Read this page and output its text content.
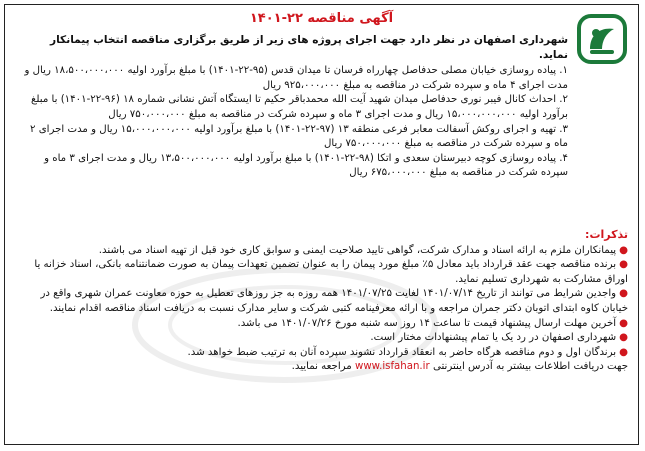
آگهی مناقصه ۲۲-۱۴۰۱

شهرداری اصفهان در نظر دارد جهت اجرای پروژه های زیر از طریق برگزاری مناقصه انتخاب پیمانکار نماید.

۱. پیاده روسازی خیابان مصلی حدفاصل چهارراه فرسان تا میدان قدس (۹۵-۲۲-۱۴۰۱) با مبلغ برآورد اولیه ۱۸،۵۰۰،۰۰۰،۰۰۰ ریال و مدت اجرای ۴ ماه و سپرده شرکت در مناقصه به مبلغ ۹۲۵،۰۰۰،۰۰۰ ریال

۲. احداث کانال فیبر نوری حدفاصل میدان شهید آیت الله محمدباقر حکیم تا ایستگاه آتش نشانی شماره ۱۸ (۹۶-۲۲-۱۴۰۱) با مبلغ برآورد اولیه ۱۵،۰۰۰،۰۰۰،۰۰۰ ریال و مدت اجرای ۳ ماه و سپرده شرکت در مناقصه به مبلغ ۷۵۰،۰۰۰،۰۰۰ ریال

۳. تهیه و اجرای روکش آسفالت معابر فرعی منطقه ۱۳ (۹۷-۲۲-۱۴۰۱) با مبلغ برآورد اولیه ۱۵،۰۰۰،۰۰۰،۰۰۰ ریال و مدت اجرای ۲ ماه و سپرده شرکت در مناقصه به مبلغ ۷۵۰،۰۰۰،۰۰۰ ریال

۴. پیاده روسازی کوچه دبیرستان سعدی و اتکا (۹۸-۲۲-۱۴۰۱) با مبلغ برآورد اولیه ۱۳،۵۰۰،۰۰۰،۰۰۰ ریال و مدت اجرای ۳ ماه و سپرده شرکت در مناقصه به مبلغ ۶۷۵،۰۰۰،۰۰۰ ریال

تذکرات:

●پیمانکاران ملزم به ارائه اسناد و مدارک شرکت، گواهی تایید صلاحیت ایمنی و سوابق کاری خود قبل از تهیه اسناد می باشند.

●برنده مناقصه جهت عقد قرارداد باید معادل ۵٪ مبلغ مورد پیمان را به عنوان تضمین تعهدات پیمان به صورت ضمانتنامه بانکی، اسناد خزانه یا اوراق مشارکت به شهرداری تسلیم نماید.

●واجدین شرایط می توانند از تاریخ ۱۴۰۱/۰۷/۱۴ لغایت ۱۴۰۱/۰۷/۲۵ همه روزه به جز روزهای تعطیل به حوزه معاونت عمران شهری واقع در خیابان کاوه ابتدای اتوبان دکتر جمران مراجعه و با ارائه معرفینامه کتبی شرکت و سایر مدارک نسبت به دریافت اسناد مناقصه اقدام نمایند.

●آخرین مهلت ارسال پیشنهاد قیمت تا ساعت ۱۴ روز سه شنبه مورخ ۱۴۰۱/۰۷/۲۶ می باشد.

●شهرداری اصفهان در رد یک یا تمام پیشنهادات مختار است.

●برندگان اول و دوم مناقصه هرگاه حاضر به انعقاد قرارداد نشوند سپرده آنان به ترتیب ضبط خواهد شد.

جهت دریافت اطلاعات بیشتر به آدرس اینترنتی www.isfahan.ir مراجعه نمایید.
